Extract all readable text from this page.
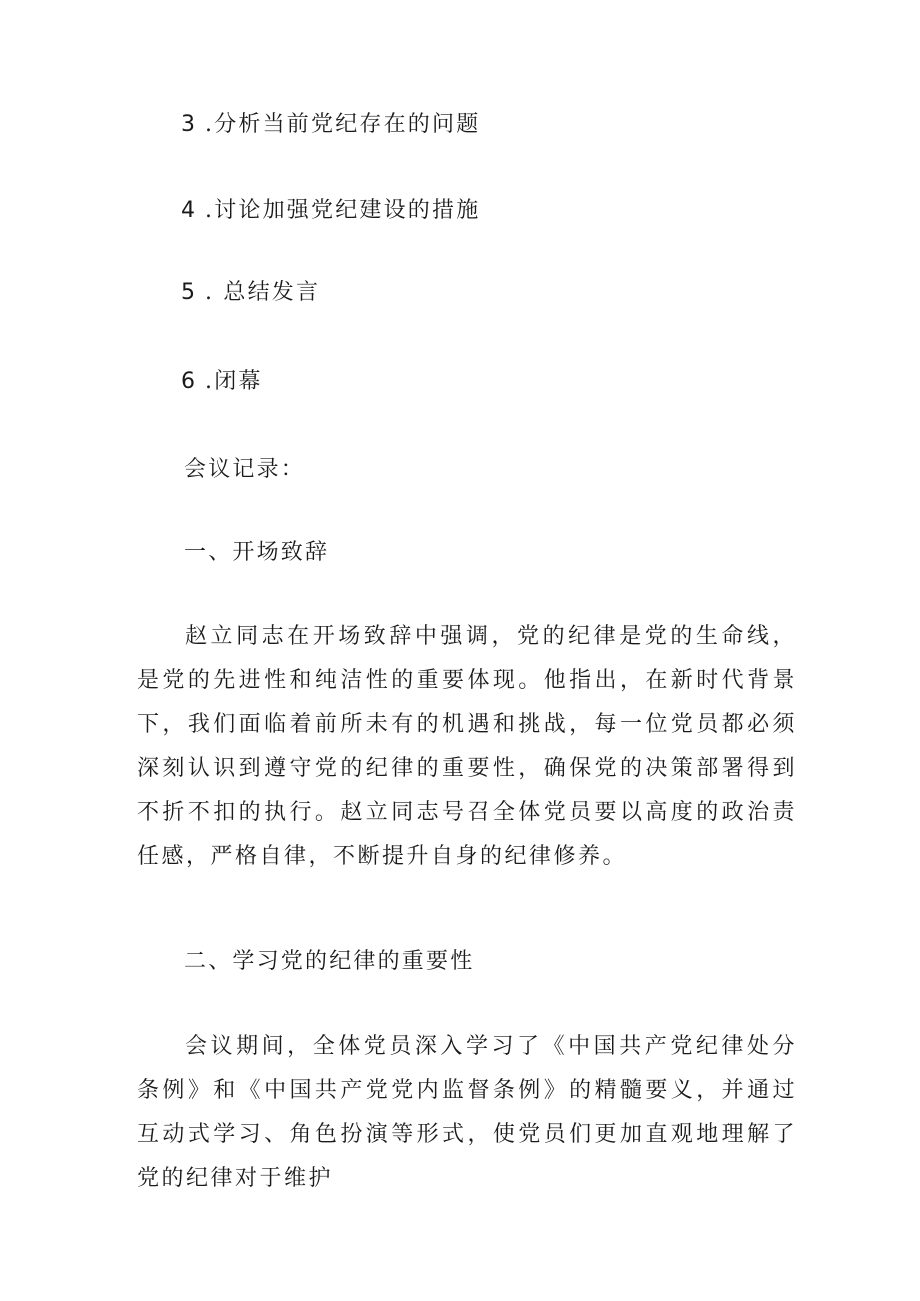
3 .分析当前党纪存在的问题
4 .讨论加强党纪建设的措施
5 . 总结发言
6 .闭幕
会议记录：
一、开场致辞

赵立同志在开场致辞中强调，党的纪律是党的生命线，是党的先进性和纯洁性的重要体现。他指出，在新时代背景下，我们面临着前所未有的机遇和挑战，每一位党员都必须深刻认识到遵守党的纪律的重要性，确保党的决策部署得到不折不扣的执行。赵立同志号召全体党员要以高度的政治责任感，严格自律，不断提升自身的纪律修养。

二、学习党的纪律的重要性

会议期间，全体党员深入学习了《中国共产党纪律处分条例》和《中国共产党党内监督条例》的精髓要义，并通过互动式学习、角色扮演等形式，使党员们更加直观地理解了党的纪律对于维护
